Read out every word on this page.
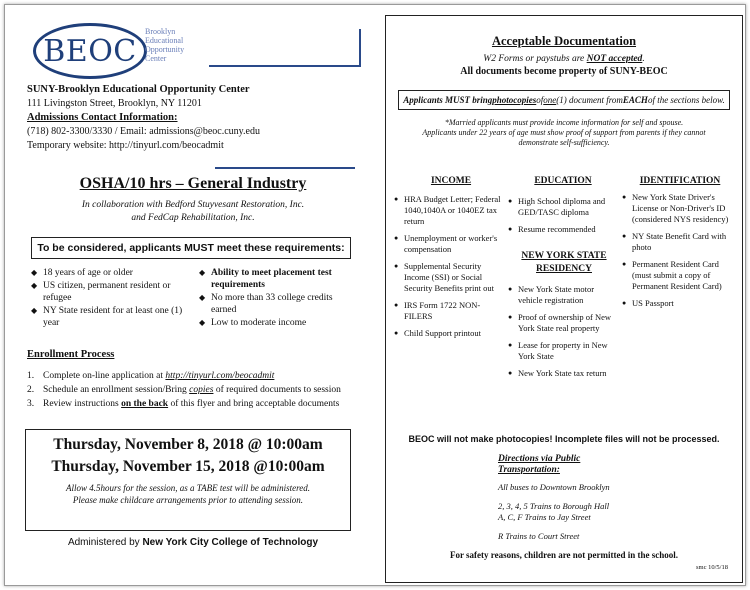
BEOC
Brooklyn
Educational
Opportunity
Center
SUNY-Brooklyn Educational Opportunity Center
111 Livingston Street, Brooklyn, NY 11201
Admissions Contact Information:
(718) 802-3300/3330 / Email: admissions@beoc.cuny.edu
Temporary website: http://tinyurl.com/beocadmit
OSHA/10 hrs – General Industry
In collaboration with Bedford Stuyvesant Restoration, Inc.
and FedCap Rehabilitation, Inc.
To be considered, applicants MUST meet these requirements:
◆ 18 years of age or older
◆ US citizen, permanent resident or refugee
◆ NY State resident for at least one (1) year
◆ Ability to meet placement test requirements
◆ No more than 33 college credits earned
◆ Low to moderate income
Enrollment Process
1. Complete on-line application at http://tinyurl.com/beocadmit
2. Schedule an enrollment session/Bring copies of required documents to session
3. Review instructions on the back of this flyer and bring acceptable documents
Thursday, November 8, 2018 @ 10:00am
Thursday, November 15, 2018 @10:00am
Allow 4.5hours for the session, as a TABE test will be administered.
Please make childcare arrangements prior to attending session.
Administered by New York City College of Technology
Acceptable Documentation
W2 Forms or paystubs are NOT accepted.
All documents become property of SUNY-BEOC
Applicants MUST bring photocopies of one (1) document from EACH of the sections below.
*Married applicants must provide income information for self and spouse.
Applicants under 22 years of age must show proof of support from parents if they cannot
demonstrate self-sufficiency.
INCOME
● HRA Budget Letter; Federal 1040,1040A or 1040EZ tax return
● Unemployment or worker's compensation
● Supplemental Security Income (SSI) or Social Security Benefits print out
● IRS Form 1722 NON-FILERS
● Child Support printout
EDUCATION
● High School diploma and GED/TASC diploma
● Resume recommended
NEW YORK STATE
RESIDENCY
● New York State motor vehicle registration
● Proof of ownership of New York State real property
● Lease for property in New York State
● New York State tax return
IDENTIFICATION
● New York State Driver's License or Non-Driver's ID (considered NYS residency)
● NY State Benefit Card with photo
● Permanent Resident Card (must submit a copy of Permanent Resident Card)
● US Passport
BEOC will not make photocopies! Incomplete files will not be processed.
Directions via Public
Transportation:
All buses to Downtown Brooklyn
2, 3, 4, 5 Trains to Borough Hall
A, C, F Trains to Jay Street
R Trains to Court Street
For safety reasons, children are not permitted in the school.
smc 10/5/18
